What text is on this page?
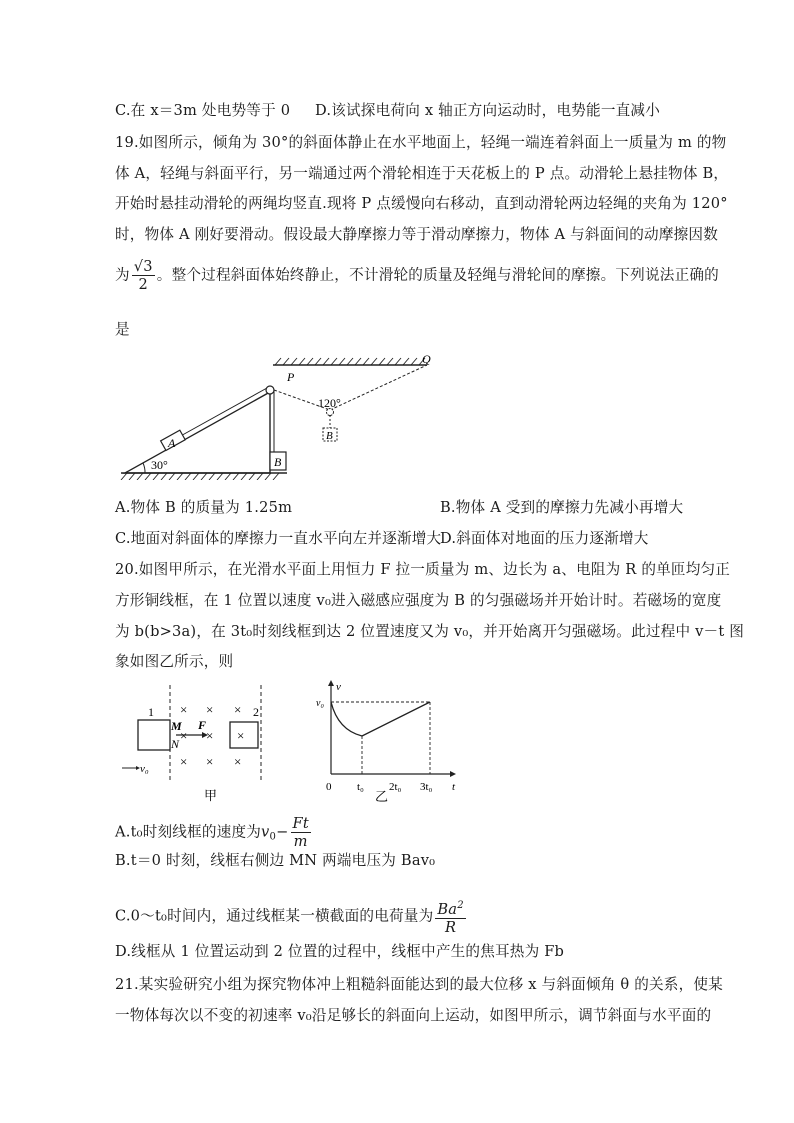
C.在 x＝3m 处电势等于 0 D.该试探电荷向 x 轴正方向运动时，电势能一直减小
19.如图所示，倾角为 30°的斜面体静止在水平地面上，轻绳一端连着斜面上一质量为 m 的物
体 A，轻绳与斜面平行，另一端通过两个滑轮相连于天花板上的 P 点。动滑轮上悬挂物体 B，
开始时悬挂动滑轮的两绳均竖直.现将 P 点缓慢向右移动，直到动滑轮两边轻绳的夹角为 120°
时，物体 A 刚好要滑动。假设最大静摩擦力等于滑动摩擦力，物体 A 与斜面间的动摩擦因数
为 $\frac{√3}{2}$ 。整个过程斜面体始终静止，不计滑轮的质量及轻绳与滑轮间的摩擦。下列说法正确的
是
A
B
P
B
120°
Q
30°
A.物体 B 的质量为 1.25m	B.物体 A 受到的摩擦力先减小再增大
C.地面对斜面体的摩擦力一直水平向左并逐渐增大
D.斜面体对地面的压力逐渐增大
20.如图甲所示，在光滑水平面上用恒力 F 拉一质量为 m、边长为 a、电阻为 R 的单匝均匀正
方形铜线框，在 1 位置以速度 v₀进入磁感应强度为 B 的匀强磁场并开始计时。若磁场的宽度
为 b(b>3a)，在 3t₀时刻线框到达 2 位置速度又为 v₀，并开始离开匀强磁场。此过程中 v－t 图
象如图乙所示，则
1	2
M
N
F
× × ×
× × ×
× × ×
v₀
甲
v
t
v₀
0 t₀ 2t₀ 3t₀
乙
A.t₀时刻线框的速度为$v_0- \frac{Ft}{m}$
B.t＝0 时刻，线框右侧边 MN 两端电压为 Bav₀
C.0～t₀时间内，通过线框某一横截面的电荷量为 $\frac{Ba^2}{R}$
D.线框从 1 位置运动到 2 位置的过程中，线框中产生的焦耳热为 Fb
21.某实验研究小组为探究物体冲上粗糙斜面能达到的最大位移 x 与斜面倾角 θ 的关系，使某
一物体每次以不变的初速率 v₀沿足够长的斜面向上运动，如图甲所示，调节斜面与水平面的
